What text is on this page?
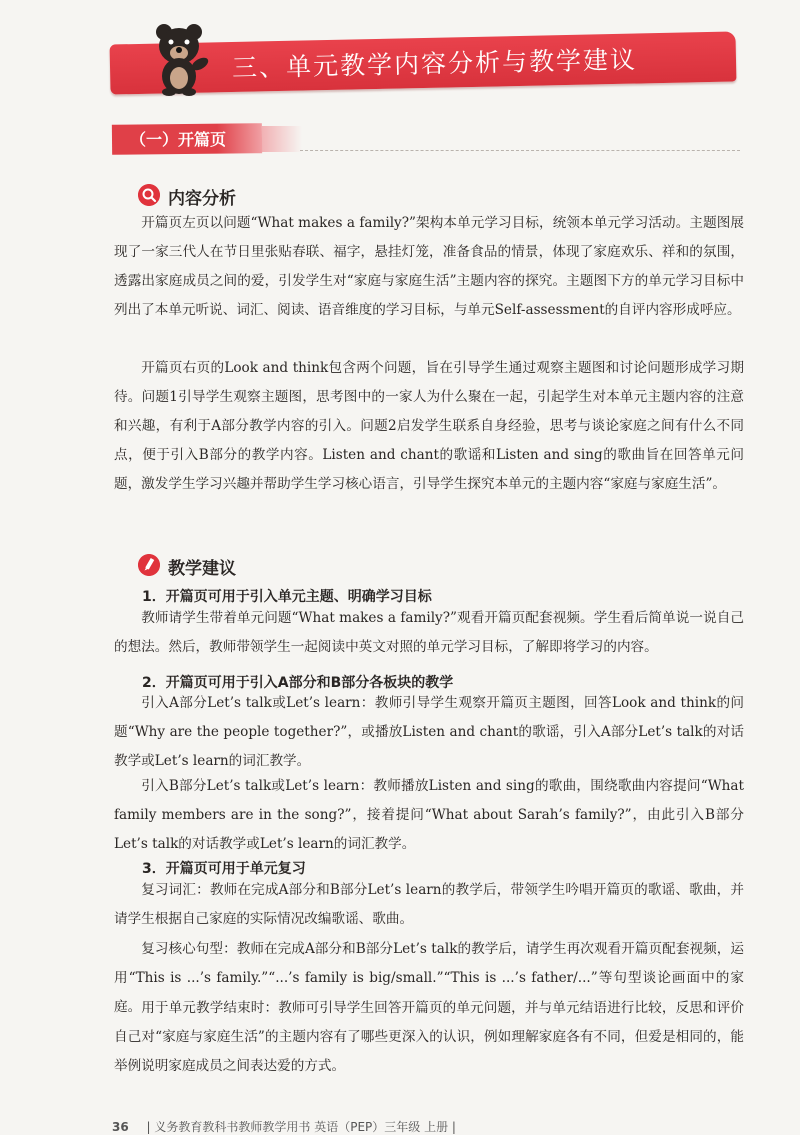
三、单元教学内容分析与教学建议
（一）开篇页
内容分析

开篇页左页以问题“What makes a family?”架构本单元学习目标，统领本单元学习活动。主题图展现了一家三代人在节日里张贴春联、福字，悬挂灯笼，准备食品的情景，体现了家庭欢乐、祥和的氛围，透露出家庭成员之间的爱，引发学生对“家庭与家庭生活”主题内容的探究。主题图下方的单元学习目标中列出了本单元听说、词汇、阅读、语音维度的学习目标，与单元Self-assessment的自评内容形成呼应。

开篇页右页的Look and think包含两个问题，旨在引导学生通过观察主题图和讨论问题形成学习期待。问题1引导学生观察主题图，思考图中的一家人为什么聚在一起，引起学生对本单元主题内容的注意和兴趣，有利于A部分教学内容的引入。问题2启发学生联系自身经验，思考与谈论家庭之间有什么不同点，便于引入B部分的教学内容。Listen and chant的歌谣和Listen and sing的歌曲旨在回答单元问题，激发学生学习兴趣并帮助学生学习核心语言，引导学生探究本单元的主题内容“家庭与家庭生活”。

教学建议
1．开篇页可用于引入单元主题、明确学习目标

教师请学生带着单元问题“What makes a family?”观看开篇页配套视频。学生看后简单说一说自己的想法。然后，教师带领学生一起阅读中英文对照的单元学习目标，了解即将学习的内容。

2．开篇页可用于引入A部分和B部分各板块的教学

引入A部分Let’s talk或Let’s learn：教师引导学生观察开篇页主题图，回答Look and think的问题“Why are the people together?”，或播放Listen and chant的歌谣，引入A部分Let’s talk的对话教学或Let’s learn的词汇教学。

引入B部分Let’s talk或Let’s learn：教师播放Listen and sing的歌曲，围绕歌曲内容提问“What family members are in the song?”，接着提问“What about Sarah’s family?”，由此引入B部分Let’s talk的对话教学或Let’s learn的词汇教学。

3．开篇页可用于单元复习

复习词汇：教师在完成A部分和B部分Let’s learn的教学后，带领学生吟唱开篇页的歌谣、歌曲，并请学生根据自己家庭的实际情况改编歌谣、歌曲。

复习核心句型：教师在完成A部分和B部分Let’s talk的教学后，请学生再次观看开篇页配套视频，运用“This is ...’s family.”“...’s family is big/small.”“This is ...’s father/...”等句型谈论画面中的家庭。 用于单元教学结束时：教师可引导学生回答开篇页的单元问题，并与单元结语进行比较，反思和评价自己对“家庭与家庭生活”的主题内容有了哪些更深入的认识，例如理解家庭各有不同，但爱是相同的，能举例说明家庭成员之间表达爱的方式。

36 | 义务教育教科书教师教学用书 英语（PEP）三年级 上册 |
